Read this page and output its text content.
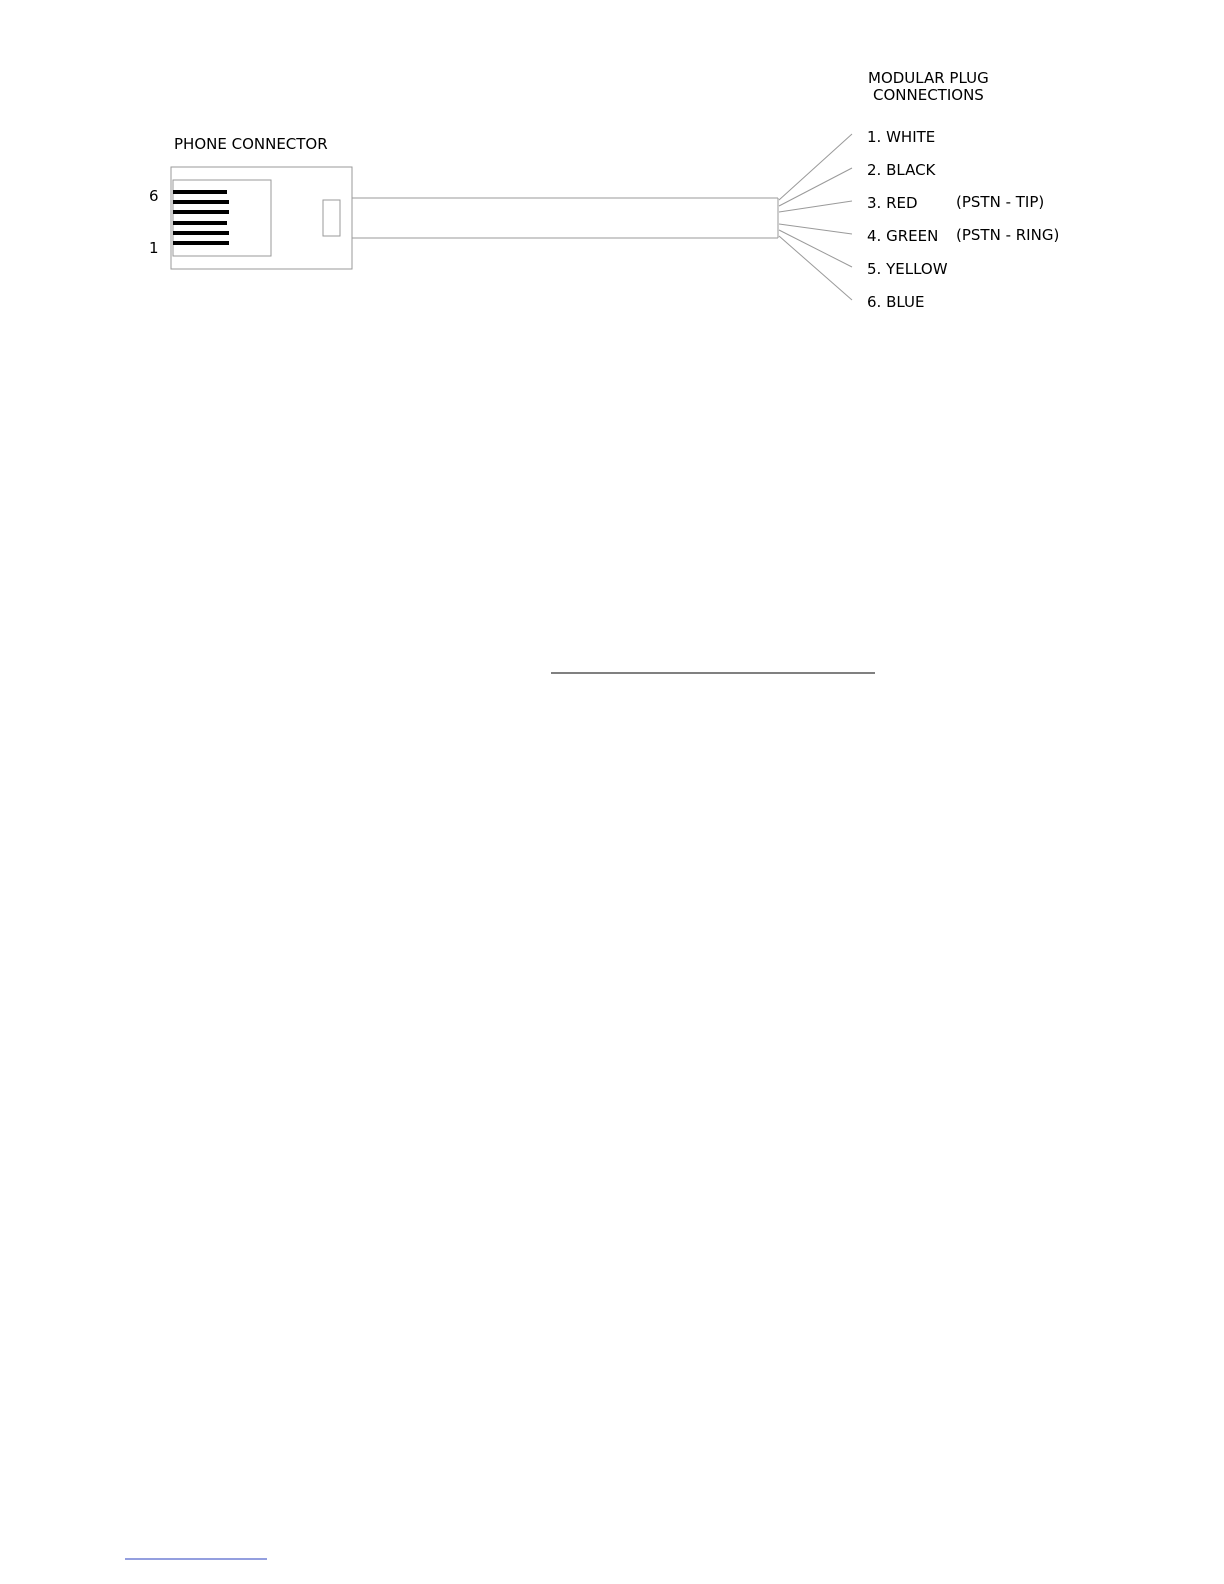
PHONE CONNECTOR
6
1
MODULAR PLUG
CONNECTIONS
1. WHITE
2. BLACK
3. RED	(PSTN - TIP)
4. GREEN (PSTN - RING)
5. YELLOW
6. BLUE
